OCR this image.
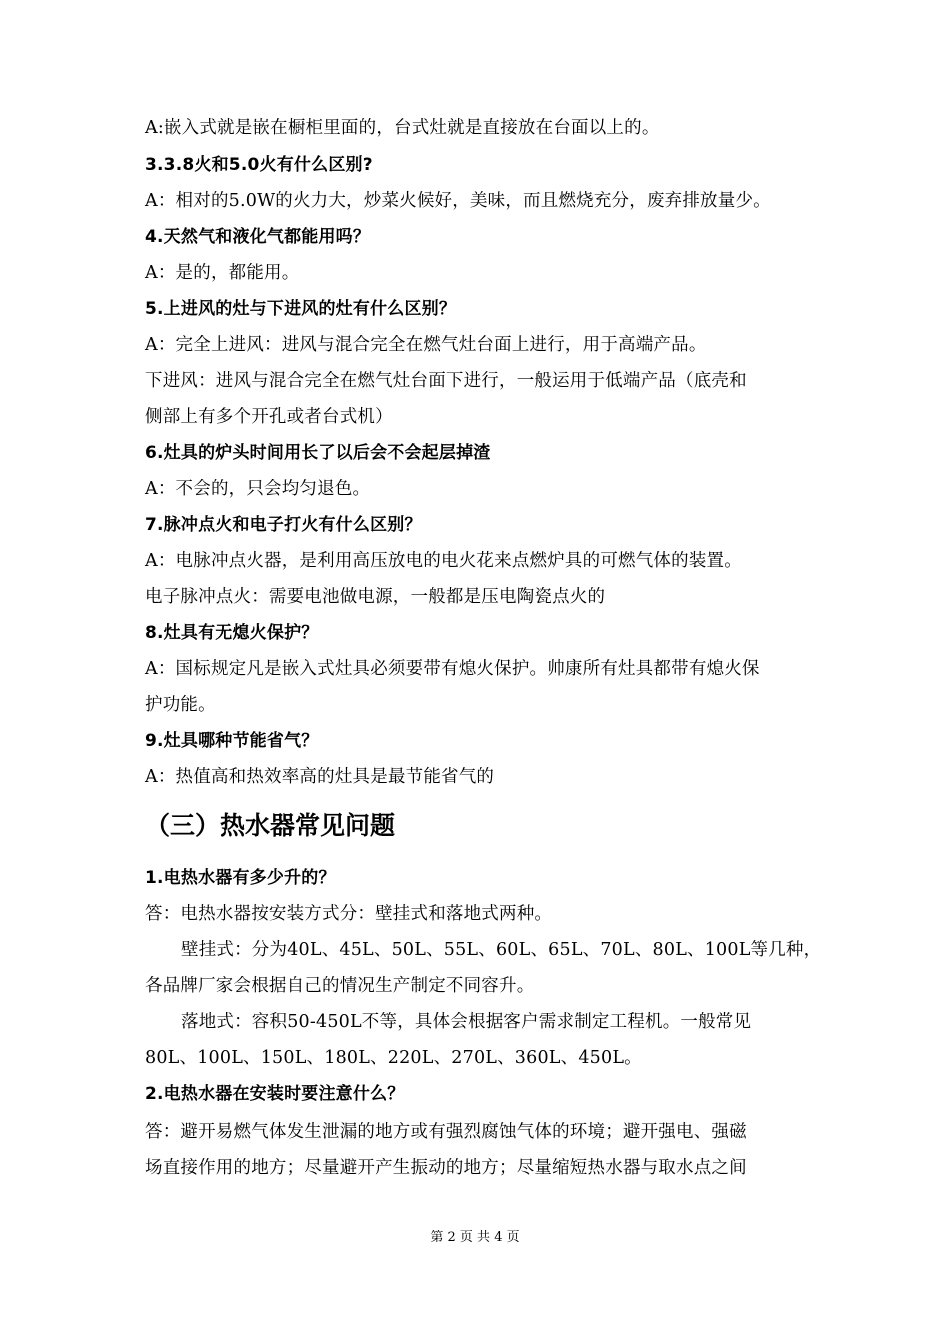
A:嵌入式就是嵌在橱柜里面的，台式灶就是直接放在台面以上的。
3.3.8火和5.0火有什么区别?
A：相对的5.0W的火力大，炒菜火候好，美味，而且燃烧充分，废弃排放量少。
4.天然气和液化气都能用吗？
A：是的，都能用。
5.上进风的灶与下进风的灶有什么区别？
A：完全上进风：进风与混合完全在燃气灶台面上进行，用于高端产品。
下进风：进风与混合完全在燃气灶台面下进行，一般运用于低端产品（底壳和
侧部上有多个开孔或者台式机）
6.灶具的炉头时间用长了以后会不会起层掉渣
A：不会的，只会均匀退色。
7.脉冲点火和电子打火有什么区别？
A：电脉冲点火器，是利用高压放电的电火花来点燃炉具的可燃气体的装置。
电子脉冲点火：需要电池做电源，一般都是压电陶瓷点火的
8.灶具有无熄火保护？
A：国标规定凡是嵌入式灶具必须要带有熄火保护。帅康所有灶具都带有熄火保
护功能。
9.灶具哪种节能省气？
A：热值高和热效率高的灶具是最节能省气的
（三）热水器常见问题
1.电热水器有多少升的？
答：电热水器按安装方式分：壁挂式和落地式两种。
壁挂式：分为40L、45L、50L、55L、60L、65L、70L、80L、100L等几种，
各品牌厂家会根据自己的情况生产制定不同容升。
落地式：容积50-450L不等，具体会根据客户需求制定工程机。一般常见
80L、100L、150L、180L、220L、270L、360L、450L。
2.电热水器在安装时要注意什么？
答：避开易燃气体发生泄漏的地方或有强烈腐蚀气体的环境；避开强电、强磁
场直接作用的地方；尽量避开产生振动的地方；尽量缩短热水器与取水点之间
第 2 页 共 4 页
